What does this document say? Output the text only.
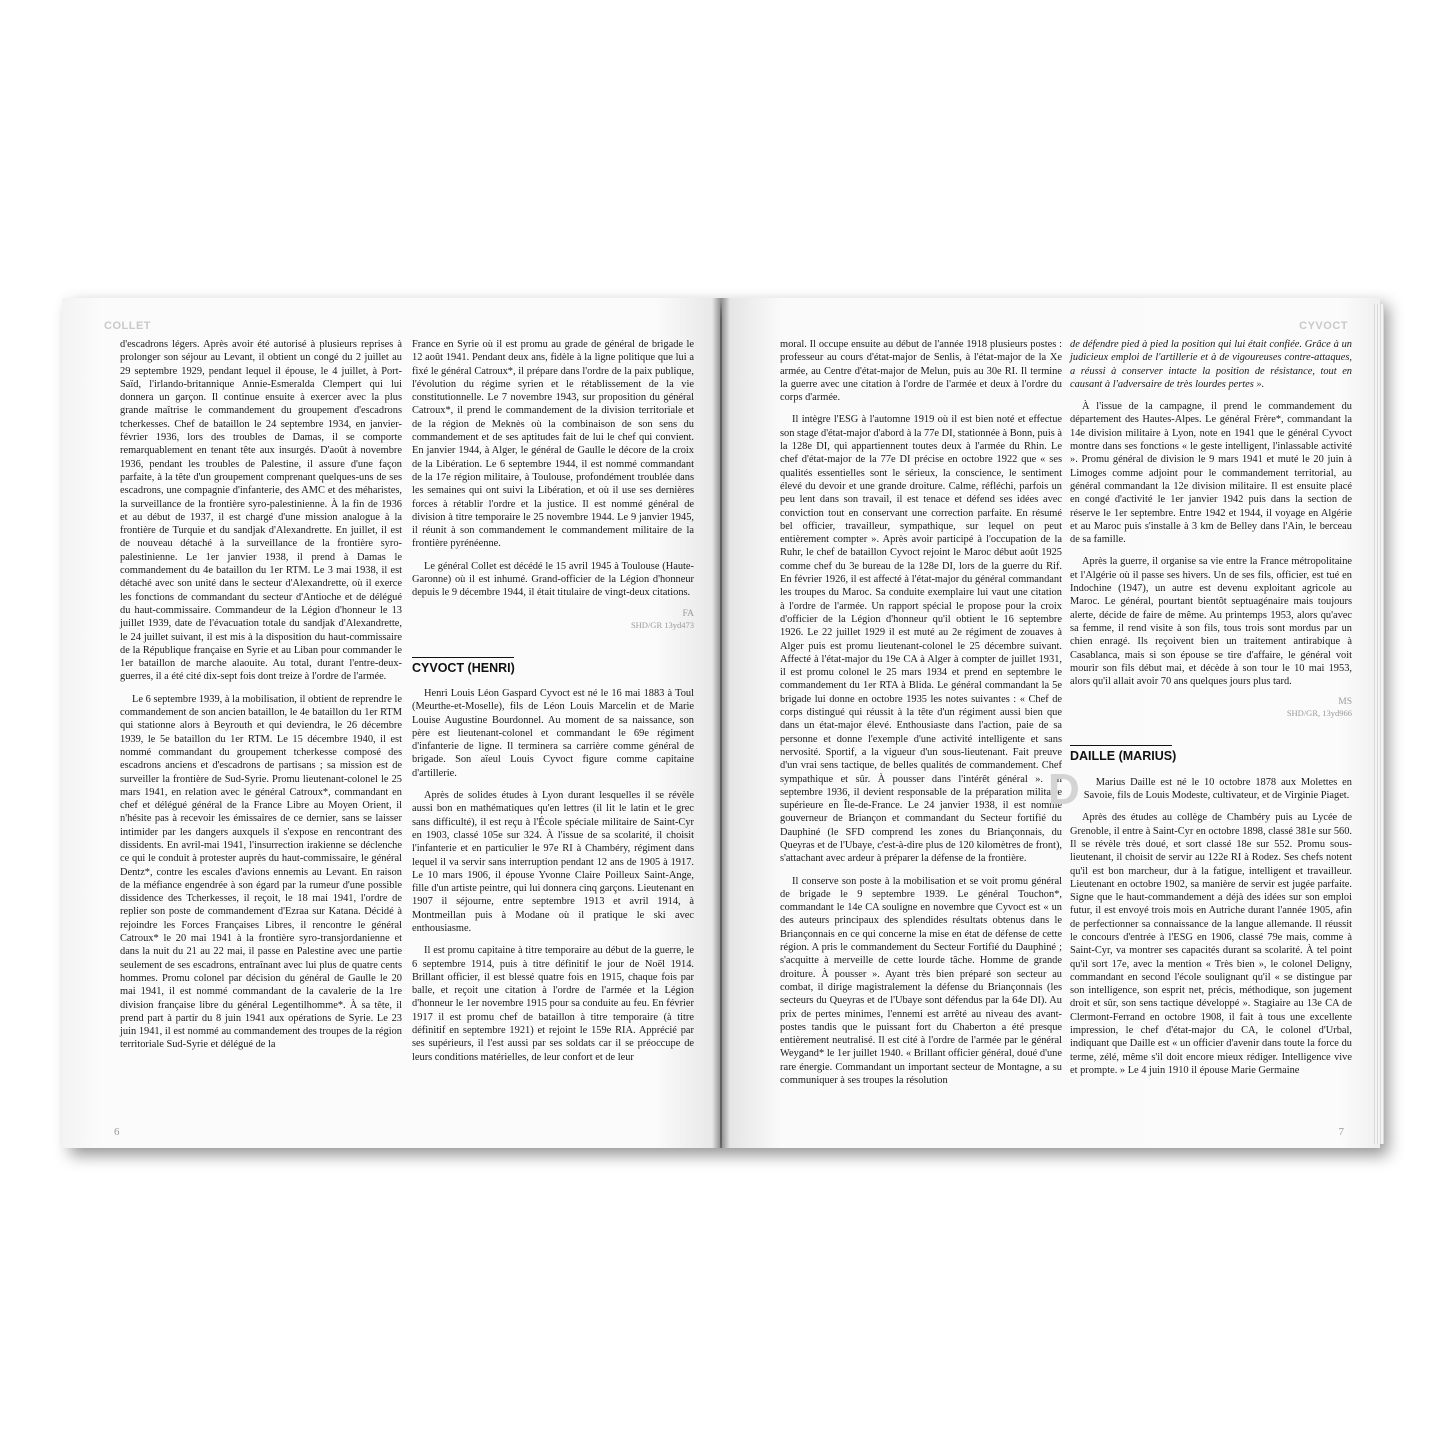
COLLET

d'escadrons légers. Après avoir été autorisé à plusieurs reprises à prolonger son séjour au Levant, il obtient un congé du 2 juillet au 29 septembre 1929, pendant lequel il épouse, le 4 juillet, à Port-Saïd, l'irlando-britannique Annie-Esmeralda Clempert qui lui donnera un garçon. Il continue ensuite à exercer avec la plus grande maîtrise le commandement du groupement d'escadrons tcherkesses. Chef de bataillon le 24 septembre 1934, en janvier-février 1936, lors des troubles de Damas, il se comporte remarquablement en tenant tête aux insurgés. D'août à novembre 1936, pendant les troubles de Palestine, il assure d'une façon parfaite, à la tête d'un groupement comprenant quelques-uns de ses escadrons, une compagnie d'infanterie, des AMC et des méharistes, la surveillance de la frontière syro-palestinienne. À la fin de 1936 et au début de 1937, il est chargé d'une mission analogue à la frontière de Turquie et du sandjak d'Alexandrette. En juillet, il est de nouveau détaché à la surveillance de la frontière syro-palestinienne. Le 1er janvier 1938, il prend à Damas le commandement du 4e bataillon du 1er RTM. Le 3 mai 1938, il est détaché avec son unité dans le secteur d'Alexandrette, où il exerce les fonctions de commandant du secteur d'Antioche et de délégué du haut-commissaire. Commandeur de la Légion d'honneur le 13 juillet 1939, date de l'évacuation totale du sandjak d'Alexandrette, le 24 juillet suivant, il est mis à la disposition du haut-commissaire de la République française en Syrie et au Liban pour commander le 1er bataillon de marche alaouite. Au total, durant l'entre-deux-guerres, il a été cité dix-sept fois dont treize à l'ordre de l'armée.

Le 6 septembre 1939, à la mobilisation, il obtient de reprendre le commandement de son ancien bataillon, le 4e bataillon du 1er RTM qui stationne alors à Beyrouth et qui deviendra, le 26 décembre 1939, le 5e bataillon du 1er RTM. Le 15 décembre 1940, il est nommé commandant du groupement tcherkesse composé des escadrons anciens et d'escadrons de partisans ; sa mission est de surveiller la frontière de Sud-Syrie. Promu lieutenant-colonel le 25 mars 1941, en relation avec le général Catroux*, commandant en chef et délégué général de la France Libre au Moyen Orient, il n'hésite pas à recevoir les émissaires de ce dernier, sans se laisser intimider par les dangers auxquels il s'expose en rencontrant des dissidents. En avril-mai 1941, l'insurrection irakienne se déclenche ce qui le conduit à protester auprès du haut-commissaire, le général Dentz*, contre les escales d'avions ennemis au Levant. En raison de la méfiance engendrée à son égard par la rumeur d'une possible dissidence des Tcherkesses, il reçoit, le 18 mai 1941, l'ordre de replier son poste de commandement d'Ezraa sur Katana. Décidé à rejoindre les Forces Françaises Libres, il rencontre le général Catroux* le 20 mai 1941 à la frontière syro-transjordanienne et dans la nuit du 21 au 22 mai, il passe en Palestine avec une partie seulement de ses escadrons, entraînant avec lui plus de quatre cents hommes. Promu colonel par décision du général de Gaulle le 20 mai 1941, il est nommé commandant de la cavalerie de la 1re division française libre du général Legentilhomme*. À sa tête, il prend part à partir du 8 juin 1941 aux opérations de Syrie. Le 23 juin 1941, il est nommé au commandement des troupes de la région territoriale Sud-Syrie et délégué de la

France en Syrie où il est promu au grade de général de brigade le 12 août 1941. Pendant deux ans, fidèle à la ligne politique que lui a fixé le général Catroux*, il prépare dans l'ordre de la paix publique, l'évolution du régime syrien et le rétablissement de la vie constitutionnelle. Le 7 novembre 1943, sur proposition du général Catroux*, il prend le commandement de la division territoriale et de la région de Meknès où la combinaison de son sens du commandement et de ses aptitudes fait de lui le chef qui convient. En janvier 1944, à Alger, le général de Gaulle le décore de la croix de la Libération. Le 6 septembre 1944, il est nommé commandant de la 17e région militaire, à Toulouse, profondément troublée dans les semaines qui ont suivi la Libération, et où il use ses dernières forces à rétablir l'ordre et la justice. Il est nommé général de division à titre temporaire le 25 novembre 1944. Le 9 janvier 1945, il réunit à son commandement le commandement militaire de la frontière pyrénéenne.

Le général Collet est décédé le 15 avril 1945 à Toulouse (Haute-Garonne) où il est inhumé. Grand-officier de la Légion d'honneur depuis le 9 décembre 1944, il était titulaire de vingt-deux citations.

FA
SHD/GR 13yd473
CYVOCT (HENRI)

Henri Louis Léon Gaspard Cyvoct est né le 16 mai 1883 à Toul (Meurthe-et-Moselle), fils de Léon Louis Marcelin et de Marie Louise Augustine Bourdonnel. Au moment de sa naissance, son père est lieutenant-colonel et commandant le 69e régiment d'infanterie de ligne. Il terminera sa carrière comme général de brigade. Son aïeul Louis Cyvoct figure comme capitaine d'artillerie.

Après de solides études à Lyon durant lesquelles il se révèle aussi bon en mathématiques qu'en lettres (il lit le latin et le grec sans difficulté), il est reçu à l'École spéciale militaire de Saint-Cyr en 1903, classé 105e sur 324. À l'issue de sa scolarité, il choisit l'infanterie et en particulier le 97e RI à Chambéry, régiment dans lequel il va servir sans interruption pendant 12 ans de 1905 à 1917. Le 10 mars 1906, il épouse Yvonne Claire Poilleux Saint-Ange, fille d'un artiste peintre, qui lui donnera cinq garçons. Lieutenant en 1907 il séjourne, entre septembre 1913 et avril 1914, à Montmeillan puis à Modane où il pratique le ski avec enthousiasme.

Il est promu capitaine à titre temporaire au début de la guerre, le 6 septembre 1914, puis à titre définitif le jour de Noël 1914. Brillant officier, il est blessé quatre fois en 1915, chaque fois par balle, et reçoit une citation à l'ordre de l'armée et la Légion d'honneur le 1er novembre 1915 pour sa conduite au feu. En février 1917 il est promu chef de bataillon à titre temporaire (à titre définitif en septembre 1921) et rejoint le 159e RIA. Apprécié par ses supérieurs, il l'est aussi par ses soldats car il se préoccupe de leurs conditions matérielles, de leur confort et de leur

6
CYVOCT

moral. Il occupe ensuite au début de l'année 1918 plusieurs postes : professeur au cours d'état-major de Senlis, à l'état-major de la Xe armée, au Centre d'état-major de Melun, puis au 30e RI. Il termine la guerre avec une citation à l'ordre de l'armée et deux à l'ordre du corps d'armée.

Il intègre l'ESG à l'automne 1919 où il est bien noté et effectue son stage d'état-major d'abord à la 77e DI, stationnée à Bonn, puis à la 128e DI, qui appartiennent toutes deux à l'armée du Rhin. Le chef d'état-major de la 77e DI précise en octobre 1922 que « ses qualités essentielles sont le sérieux, la conscience, le sentiment élevé du devoir et une grande droiture. Calme, réfléchi, parfois un peu lent dans son travail, il est tenace et défend ses idées avec conviction tout en conservant une correction parfaite. En résumé bel officier, travailleur, sympathique, sur lequel on peut entièrement compter ». Après avoir participé à l'occupation de la Ruhr, le chef de bataillon Cyvoct rejoint le Maroc début août 1925 comme chef du 3e bureau de la 128e DI, lors de la guerre du Rif. En février 1926, il est affecté à l'état-major du général commandant les troupes du Maroc. Sa conduite exemplaire lui vaut une citation à l'ordre de l'armée. Un rapport spécial le propose pour la croix d'officier de la Légion d'honneur qu'il obtient le 16 septembre 1926. Le 22 juillet 1929 il est muté au 2e régiment de zouaves à Alger puis est promu lieutenant-colonel le 25 décembre suivant. Affecté à l'état-major du 19e CA à Alger à compter de juillet 1931, il est promu colonel le 25 mars 1934 et prend en septembre le commandement du 1er RTA à Blida. Le général commandant la 5e brigade lui donne en octobre 1935 les notes suivantes : « Chef de corps distingué qui réussit à la tête d'un régiment aussi bien que dans un état-major élevé. Enthousiaste dans l'action, paie de sa personne et donne l'exemple d'une activité intelligente et sans nervosité. Sportif, a la vigueur d'un sous-lieutenant. Fait preuve d'un vrai sens tactique, de belles qualités de commandement. Chef sympathique et sûr. À pousser dans l'intérêt général ». En septembre 1936, il devient responsable de la préparation militaire supérieure en Île-de-France. Le 24 janvier 1938, il est nommé gouverneur de Briançon et commandant du Secteur fortifié du Dauphiné (le SFD comprend les zones du Briançonnais, du Queyras et de l'Ubaye, c'est-à-dire plus de 120 kilomètres de front), s'attachant avec ardeur à préparer la défense de la frontière.

Il conserve son poste à la mobilisation et se voit promu général de brigade le 9 septembre 1939. Le général Touchon*, commandant le 14e CA souligne en novembre que Cyvoct est « un des auteurs principaux des splendides résultats obtenus dans le Briançonnais en ce qui concerne la mise en état de défense de cette région. A pris le commandement du Secteur Fortifié du Dauphiné ; s'acquitte à merveille de cette lourde tâche. Homme de grande droiture. À pousser ». Ayant très bien préparé son secteur au combat, il dirige magistralement la défense du Briançonnais (les secteurs du Queyras et de l'Ubaye sont défendus par la 64e DI). Au prix de pertes minimes, l'ennemi est arrêté au niveau des avant-postes tandis que le puissant fort du Chaberton a été presque entièrement neutralisé. Il est cité à l'ordre de l'armée par le général Weygand* le 1er juillet 1940. « Brillant officier général, doué d'une rare énergie. Commandant un important secteur de Montagne, a su communiquer à ses troupes la résolution

de défendre pied à pied la position qui lui était confiée. Grâce à un judicieux emploi de l'artillerie et à de vigoureuses contre-attaques, a réussi à conserver intacte la position de résistance, tout en causant à l'adversaire de très lourdes pertes ».

À l'issue de la campagne, il prend le commandement du département des Hautes-Alpes. Le général Frère*, commandant la 14e division militaire à Lyon, note en 1941 que le général Cyvoct montre dans ses fonctions « le geste intelligent, l'inlassable activité ». Promu général de division le 9 mars 1941 et muté le 20 juin à Limoges comme adjoint pour le commandement territorial, au général commandant la 12e division militaire. Il est ensuite placé en congé d'activité le 1er janvier 1942 puis dans la section de réserve le 1er septembre. Entre 1942 et 1944, il voyage en Algérie et au Maroc puis s'installe à 3 km de Belley dans l'Ain, le berceau de sa famille.

Après la guerre, il organise sa vie entre la France métropolitaine et l'Algérie où il passe ses hivers. Un de ses fils, officier, est tué en Indochine (1947), un autre est devenu exploitant agricole au Maroc. Le général, pourtant bientôt septuagénaire mais toujours alerte, décide de faire de même. Au printemps 1953, alors qu'avec sa femme, il rend visite à son fils, tous trois sont mordus par un chien enragé. Ils reçoivent bien un traitement antirabique à Casablanca, mais si son épouse se tire d'affaire, le général voit mourir son fils début mai, et décède à son tour le 10 mai 1953, alors qu'il allait avoir 70 ans quelques jours plus tard.

MS
SHD/GR, 13yd966
DAILLE (MARIUS)
D	Marius Daille est né le 10 octobre 1878 aux Molettes en Savoie, fils de Louis Modeste, cultivateur, et de Virginie Piaget.

Après des études au collège de Chambéry puis au Lycée de Grenoble, il entre à Saint-Cyr en octobre 1898, classé 381e sur 560. Il se révèle très doué, et sort classé 18e sur 552. Promu sous-lieutenant, il choisit de servir au 122e RI à Rodez. Ses chefs notent qu'il est bon marcheur, dur à la fatigue, intelligent et travailleur. Lieutenant en octobre 1902, sa manière de servir est jugée parfaite. Signe que le haut-commandement a déjà des idées sur son emploi futur, il est envoyé trois mois en Autriche durant l'année 1905, afin de perfectionner sa connaissance de la langue allemande. Il réussit le concours d'entrée à l'ESG en 1906, classé 79e mais, comme à Saint-Cyr, va montrer ses capacités durant sa scolarité. À tel point qu'il sort 17e, avec la mention « Très bien », le colonel Deligny, commandant en second l'école soulignant qu'il « se distingue par son intelligence, son esprit net, précis, méthodique, son jugement droit et sûr, son sens tactique développé ». Stagiaire au 13e CA de Clermont-Ferrand en octobre 1908, il fait à tous une excellente impression, le chef d'état-major du CA, le colonel d'Urbal, indiquant que Daille est « un officier d'avenir dans toute la force du terme, zélé, même s'il doit encore mieux rédiger. Intelligence vive et prompte. » Le 4 juin 1910 il épouse Marie Germaine

7
